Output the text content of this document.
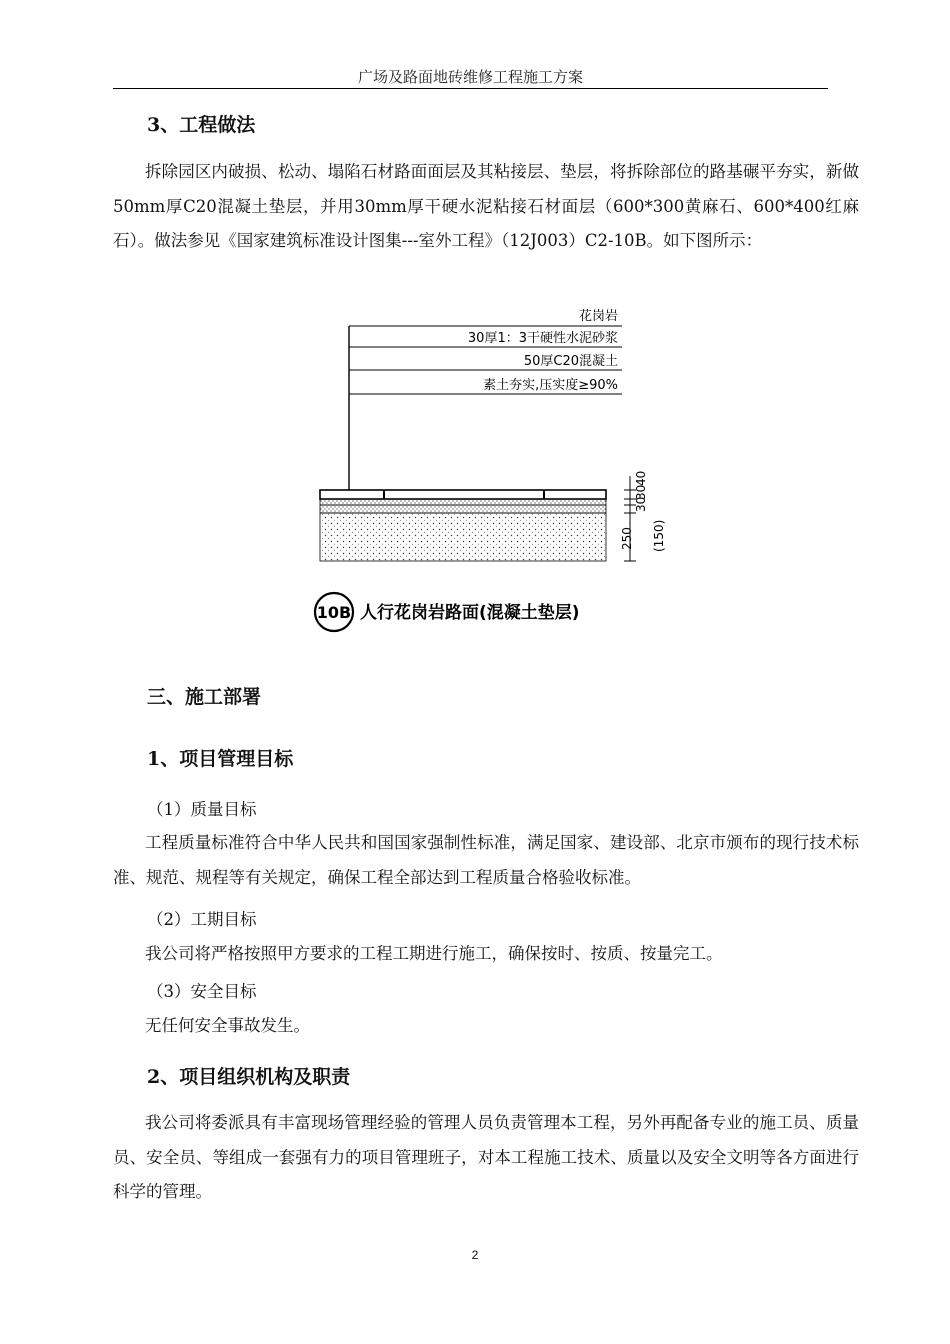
广场及路面地砖维修工程施工方案
3、工程做法
拆除园区内破损、松动、塌陷石材路面面层及其粘接层、垫层，将拆除部位的路基碾平夯实，新做50mm厚C20混凝土垫层，并用30mm厚干硬水泥粘接石材面层（600*300黄麻石、600*400红麻石）。做法参见《国家建筑标准设计图集---室外工程》（12J003）C2-10B。如下图所示：
花岗岩
30厚1：3干硬性水泥砂浆
50厚C20混凝土
素土夯实,压实度≥90%
40
30
30
250 (150)
10B 人行花岗岩路面(混凝土垫层)
三、施工部署
1、项目管理目标
（1）质量目标
工程质量标准符合中华人民共和国国家强制性标准，满足国家、建设部、北京市颁布的现行技术标准、规范、规程等有关规定，确保工程全部达到工程质量合格验收标准。
（2）工期目标
我公司将严格按照甲方要求的工程工期进行施工，确保按时、按质、按量完工。
（3）安全目标
无任何安全事故发生。
2、项目组织机构及职责
我公司将委派具有丰富现场管理经验的管理人员负责管理本工程，另外再配备专业的施工员、质量员、安全员、等组成一套强有力的项目管理班子，对本工程施工技术、质量以及安全文明等各方面进行科学的管理。
2
